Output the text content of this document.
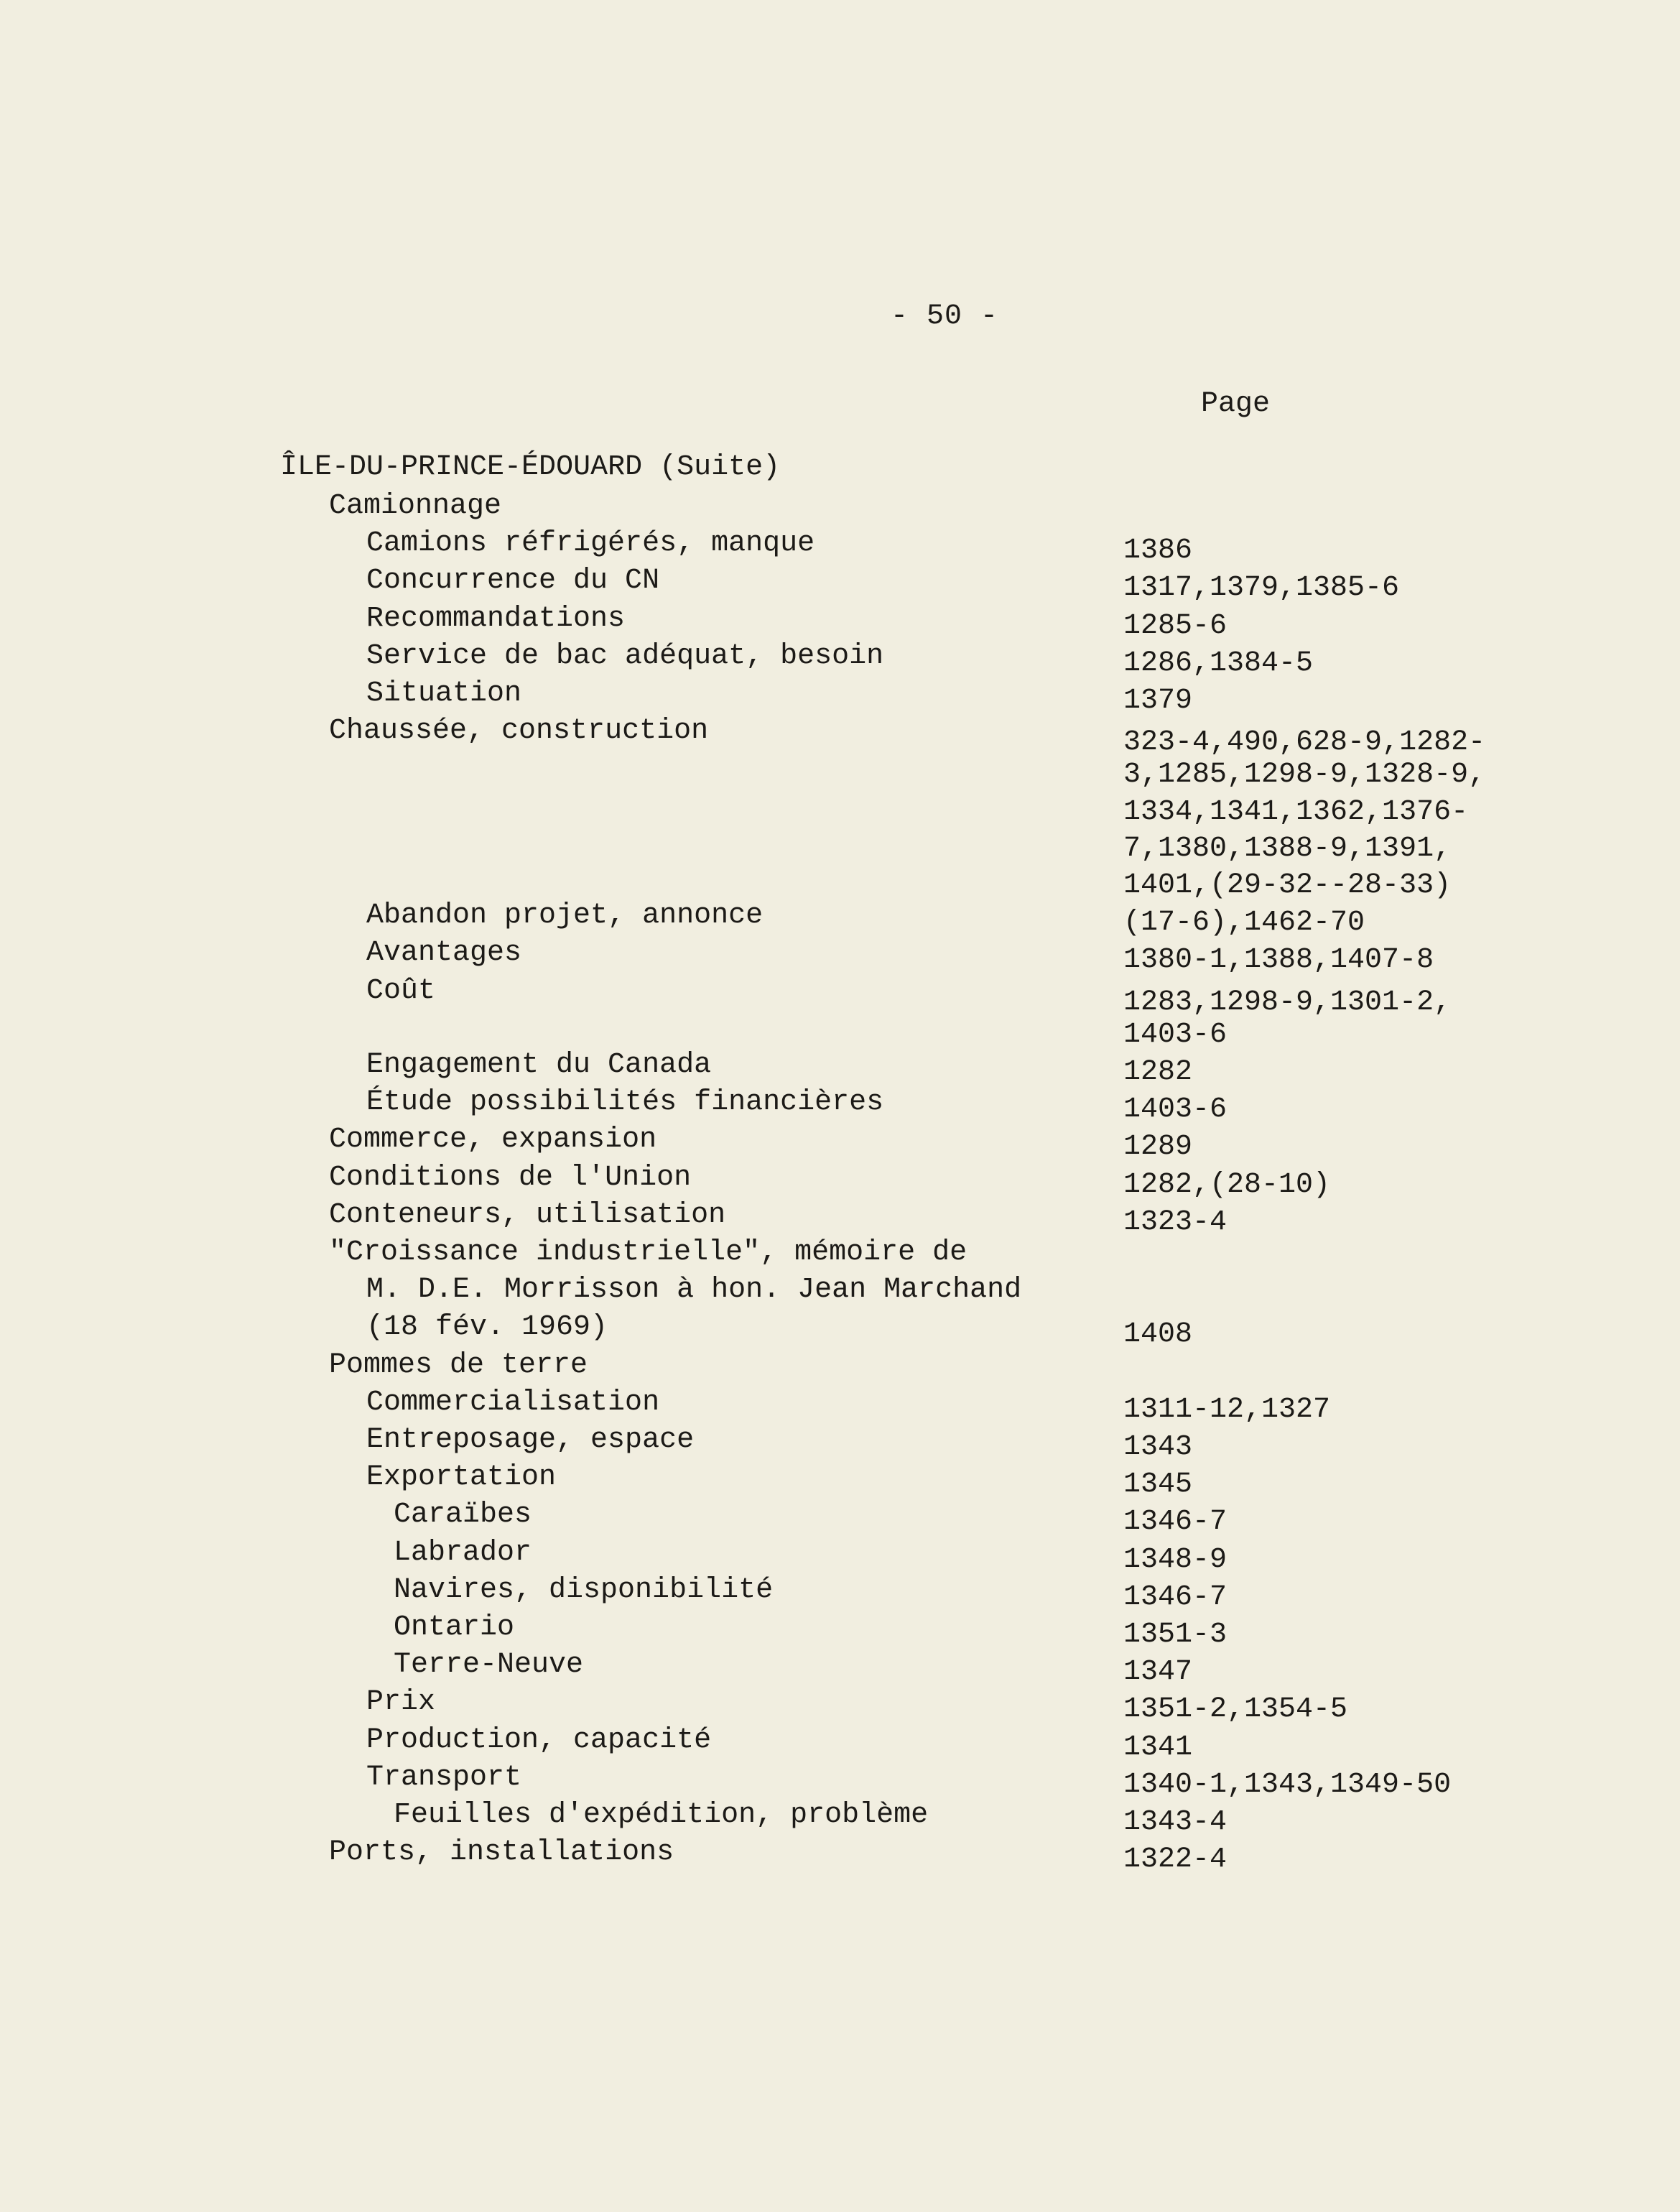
- 50 -
Page
ÎLE-DU-PRINCE-ÉDOUARD (Suite)
Camionnage
Camions réfrigérés, manque	1386
Concurrence du CN	1317,1379,1385-6
Recommandations	1285-6
Service de bac adéquat, besoin	1286,1384-5
Situation	1379
Chaussée, construction	323-4,490,628-9,1282-
3,1285,1298-9,1328-9,
1334,1341,1362,1376-
7,1380,1388-9,1391,
1401,(29-32--28-33)
Abandon projet, annonce	(17-6),1462-70
Avantages	1380-1,1388,1407-8
Coût	1283,1298-9,1301-2,
1403-6
Engagement du Canada	1282
Étude possibilités financières	1403-6
Commerce, expansion	1289
Conditions de l'Union	1282,(28-10)
Conteneurs, utilisation	1323-4
"Croissance industrielle", mémoire de
M. D.E. Morrisson à hon. Jean Marchand
(18 fév. 1969)	1408
Pommes de terre
Commercialisation	1311-12,1327
Entreposage, espace	1343
Exportation	1345
Caraïbes	1346-7
Labrador	1348-9
Navires, disponibilité	1346-7
Ontario	1351-3
Terre-Neuve	1347
Prix	1351-2,1354-5
Production, capacité	1341
Transport	1340-1,1343,1349-50
Feuilles d'expédition, problème	1343-4
Ports, installations	1322-4
